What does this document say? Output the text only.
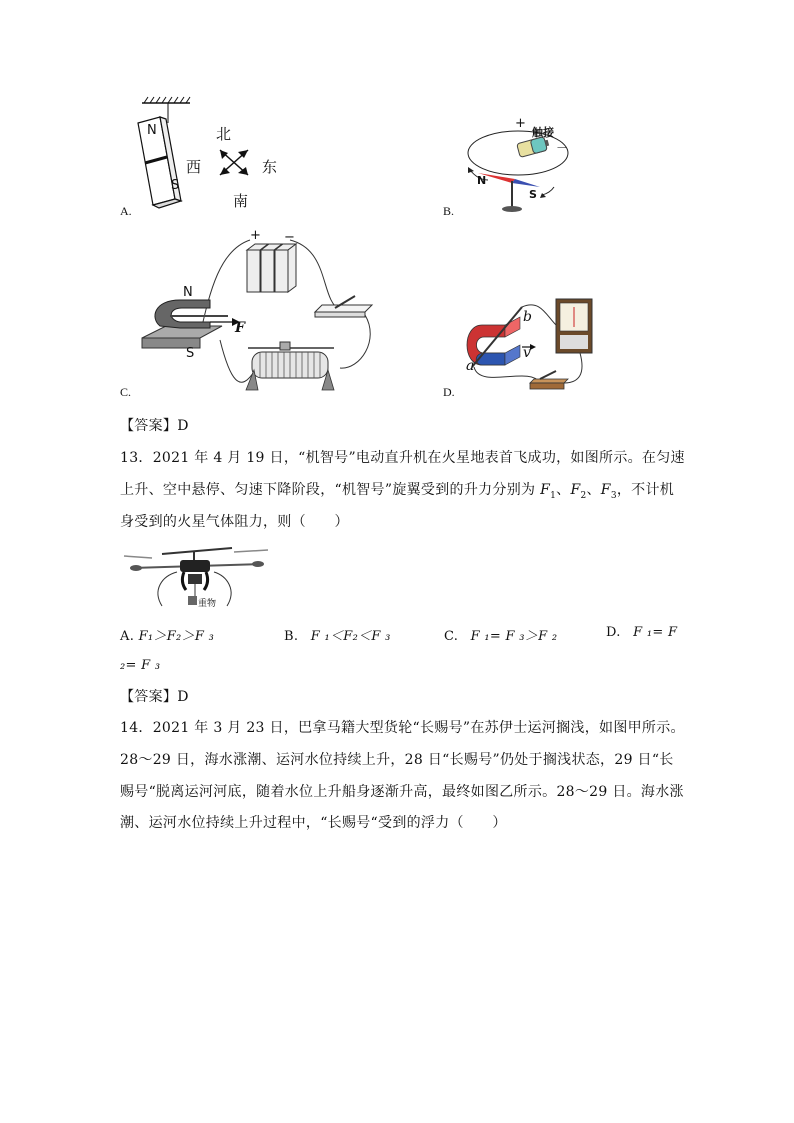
N
S
北
西	东
南
A.
+
触接
－
N
S
B.
+ −
N
S
F
C.
b
a
v
D.
【答案】D
13．2021 年 4 月 19 日，“机智号”电动直升机在火星地表首飞成功，如图所示。在匀速
上升、空中悬停、匀速下降阶段，“机智号”旋翼受到的升力分别为 $F_1$、$F_2$、$F_3$，不计机
身受到的火星气体阻力，则（　　）
重物
A. F₁＞F₂＞F ₃	B. F ₁＜F₂＜F ₃	C. F ₁= F ₃＞F ₂	D. F ₁= F
₂= F ₃
【答案】D
14．2021 年 3 月 23 日，巴拿马籍大型货轮“长赐号”在苏伊士运河搁浅，如图甲所示。
28～29 日，海水涨潮、运河水位持续上升，28 日“长赐号”仍处于搁浅状态，29 日“长
赐号“脱离运河河底，随着水位上升船身逐渐升高，最终如图乙所示。28～29 日。海水涨
潮、运河水位持续上升过程中，“长赐号“受到的浮力（　　）
